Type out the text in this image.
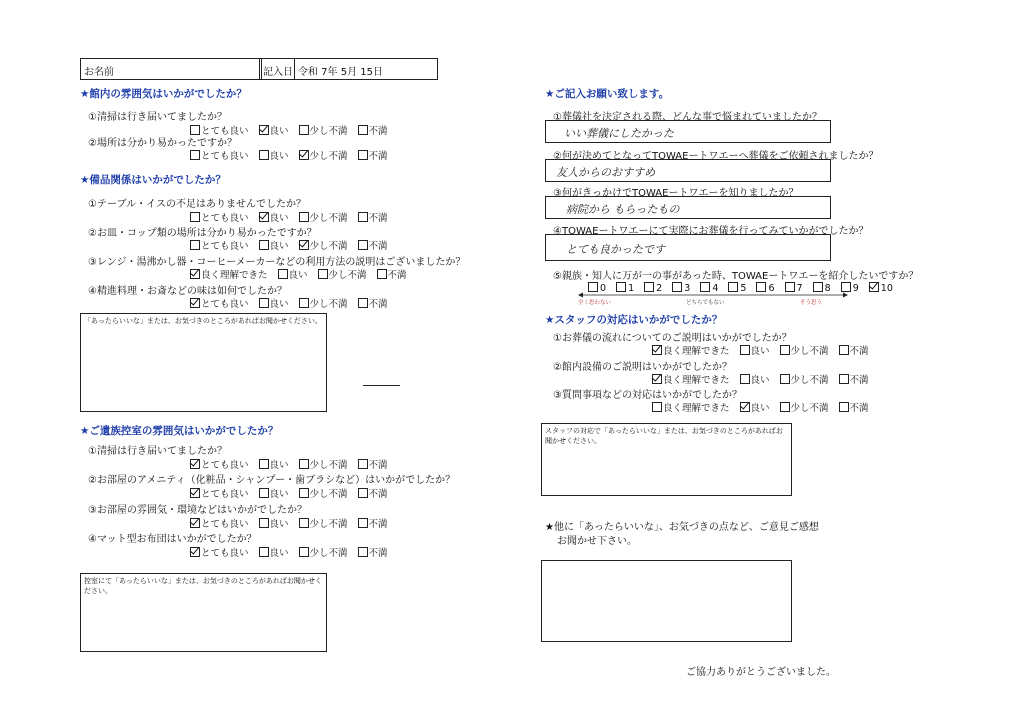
お名前	記入日 令和 7年 5月 15日
★館内の雰囲気はいかがでしたか？
①清掃は行き届いてましたか？
とても良い 良い 少し不満 不満
②場所は分かり易かったですか？
とても良い 良い 少し不満 不満
★備品関係はいかがでしたか？
①テーブル・イスの不足はありませんでしたか？
とても良い 良い 少し不満 不満
②お皿・コップ類の場所は分かり易かったですか？
とても良い 良い 少し不満 不満
③レンジ・湯沸かし器・コーヒーメーカーなどの利用方法の説明はございましたか？
良く理解できた 良い 少し不満 不満
④精進料理・お斎などの味は如何でしたか？
とても良い 良い 少し不満 不満
「あったらいいな」または、お気づきのところがあればお聞かせください。
★ご遺族控室の雰囲気はいかがでしたか？
①清掃は行き届いてましたか？
とても良い 良い 少し不満 不満
②お部屋のアメニティ（化粧品・シャンプー・歯ブラシなど）はいかがでしたか？
とても良い 良い 少し不満 不満
③お部屋の雰囲気・環境などはいかがでしたか？
とても良い 良い 少し不満 不満
④マット型お布団はいかがでしたか？
とても良い 良い 少し不満 不満
控室にて「あったらいいな」または、お気づきのところがあればお聞かせください。
★ご記入お願い致します。
①葬儀社を決定される際、どんな事で悩まれていましたか？
いい葬儀にしたかった
②何が決めてとなってTOWAEートワエーへ葬儀をご依頼されましたか？
友人からのおすすめ
③何がきっかけでTOWAEートワエーを知りましたか？
病院から もらったもの
④TOWAEートワエーにて実際にお葬儀を行ってみていかがでしたか？
とても良かったです
⑤親族・知人に万が一の事があった時、TOWAEートワエーを紹介したいですか？
0 1 2 3 4 5 6 7 8 9 10
全く思わない	どちらでもない	そう思う
★スタッフの対応はいかがでしたか？
①お葬儀の流れについてのご説明はいかがでしたか？
良く理解できた 良い 少し不満 不満
②館内設備のご説明はいかがでしたか？
良く理解できた 良い 少し不満 不満
③質問事項などの対応はいかがでしたか？
良く理解できた 良い 少し不満 不満
スタッフの対応で「あったらいいな」または、お気づきのところがあればお聞かせください。
★他に「あったらいいな」、お気づきの点など、ご意見ご感想
お聞かせ下さい。
ご協力ありがとうございました。
